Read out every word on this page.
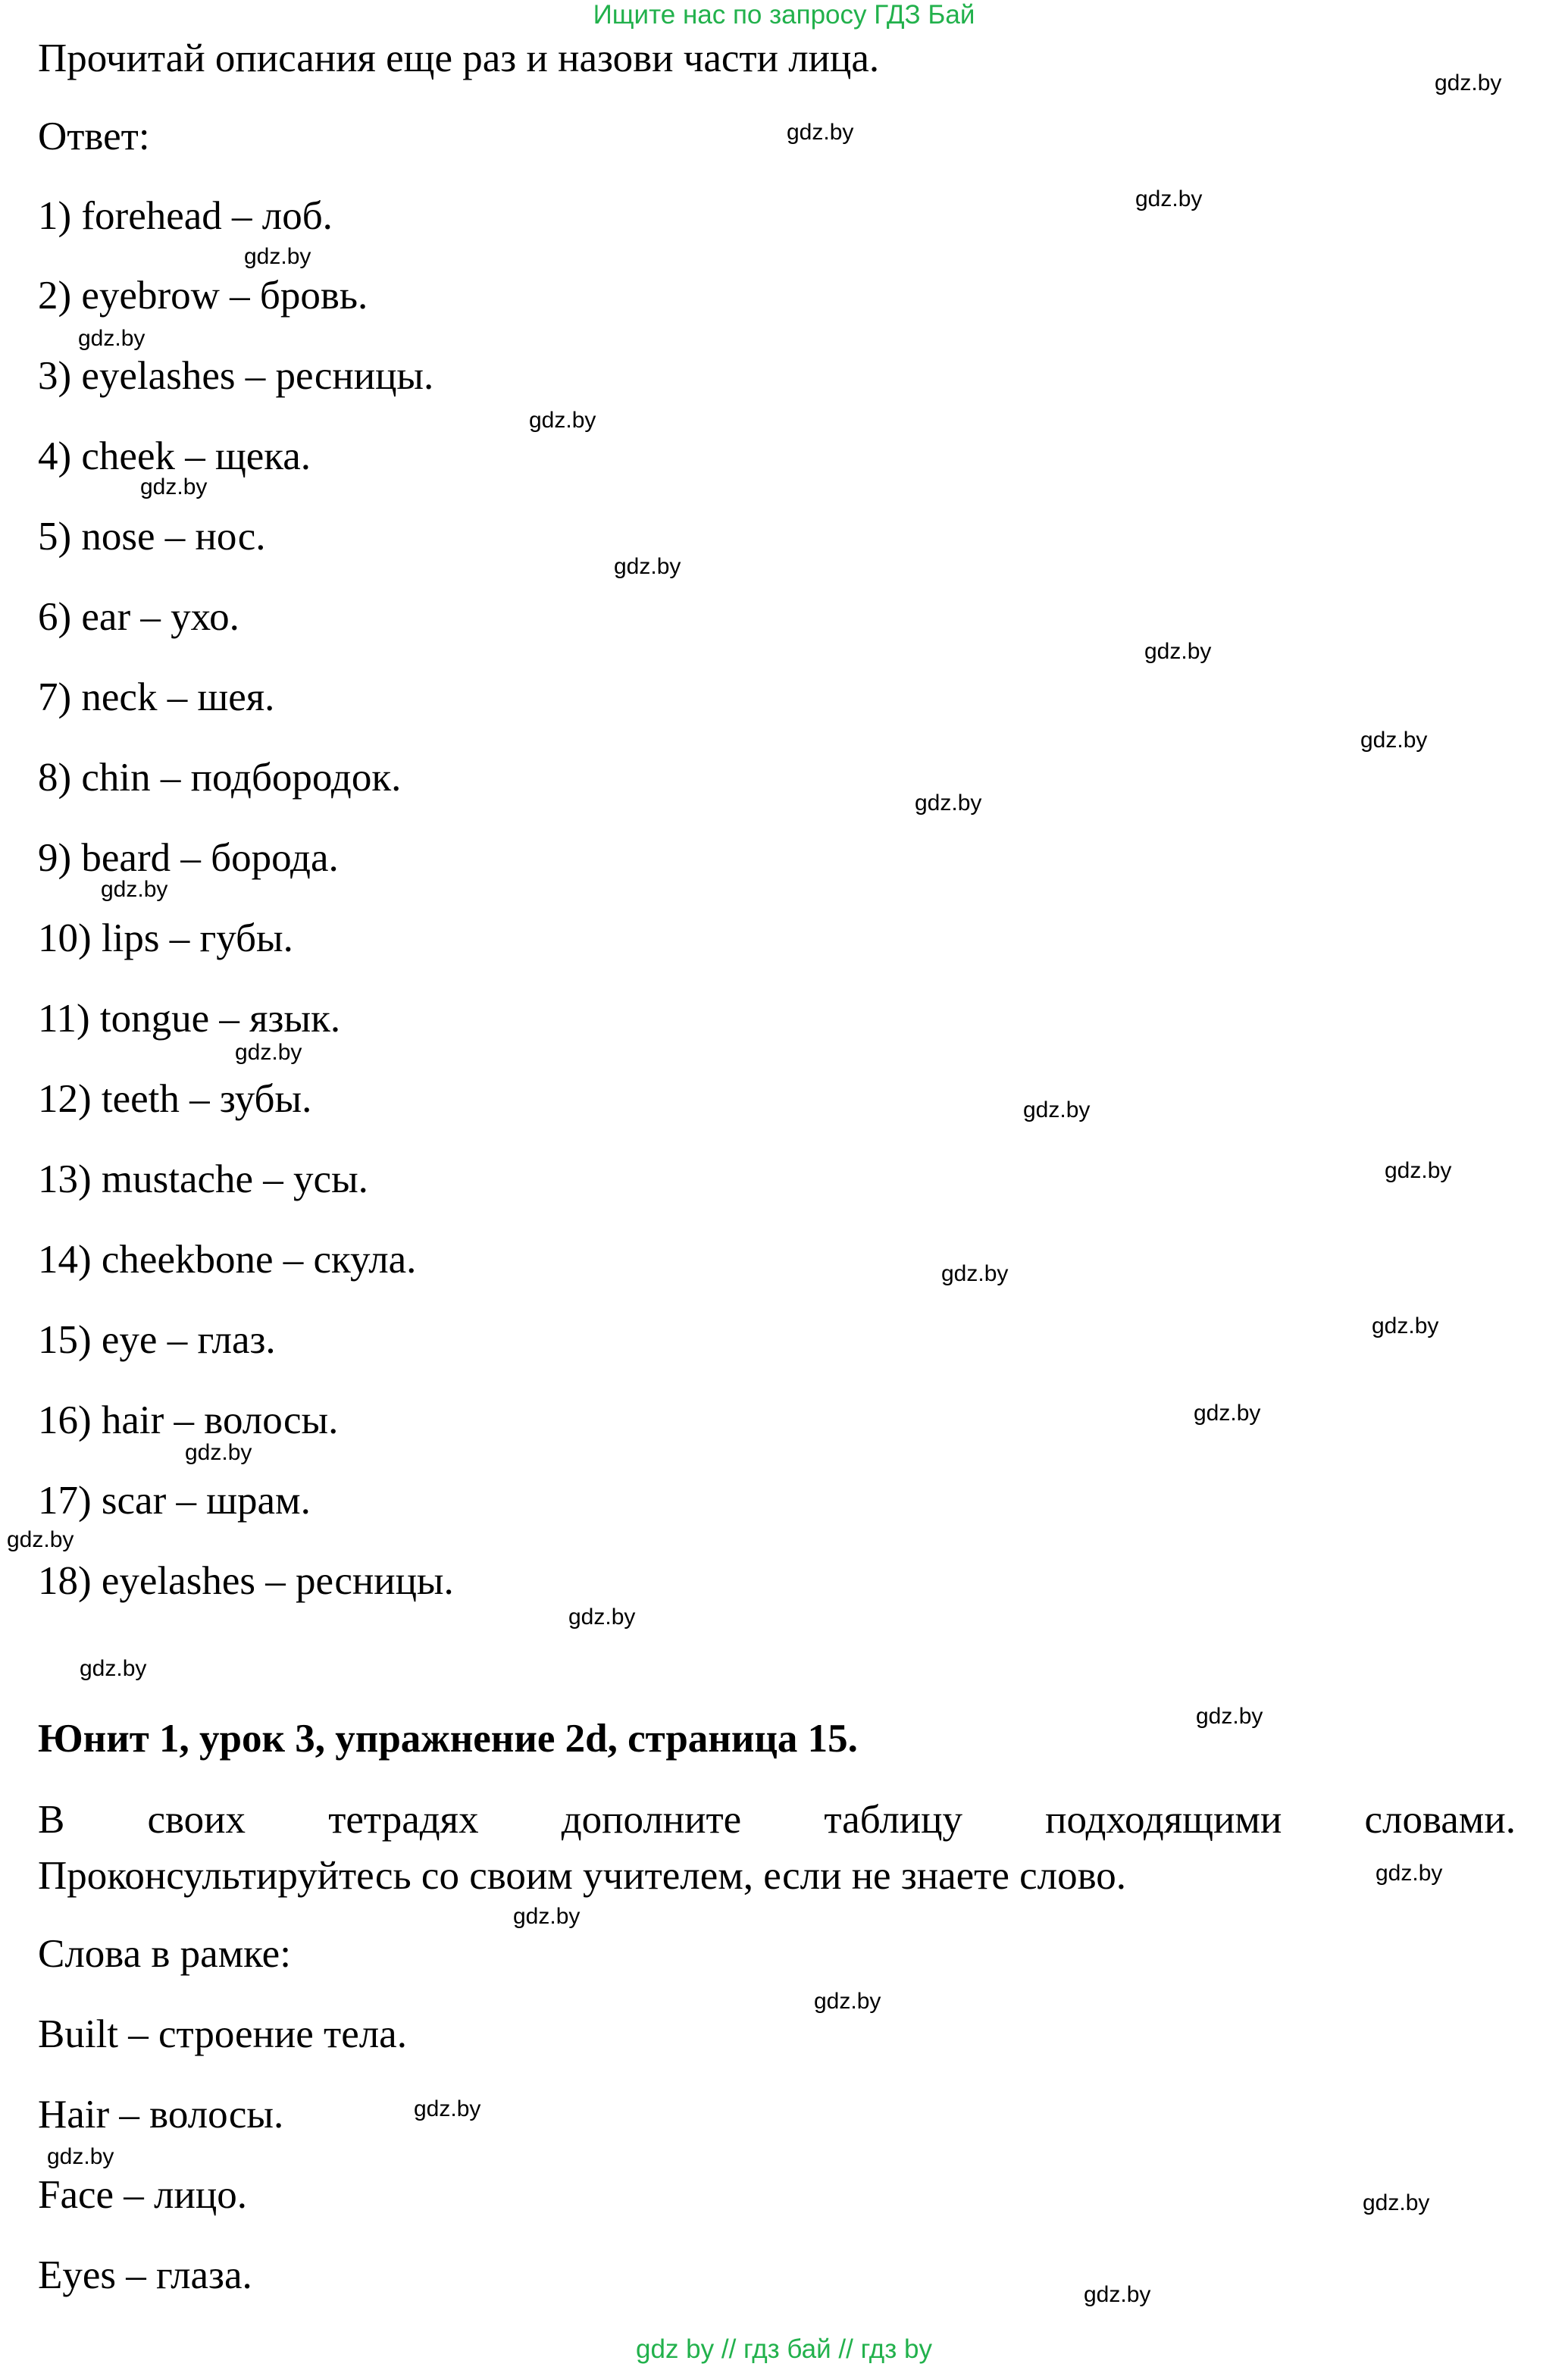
Ищите нас по запросу ГДЗ Бай
Прочитай описания еще раз и назови части лица.
Ответ:
1) forehead – лоб.
2) eyebrow – бровь.
3) eyelashes – ресницы.
4) cheek – щека.
5) nose – нос.
6) ear – ухо.
7) neck – шея.
8) chin – подбородок.
9) beard – борода.
10) lips – губы.
11) tongue – язык.
12) teeth – зубы.
13) mustache – усы.
14) cheekbone – скула.
15) eye – глаз.
16) hair – волосы.
17) scar – шрам.
18) eyelashes – ресницы.
Юнит 1, урок 3, упражнение 2d, страница 15.
В своих тетрадях дополните таблицу подходящими словами.
Проконсультируйтесь со своим учителем, если не знаете слово.
Слова в рамке:
Built – строение тела.
Hair – волосы.
Face – лицо.
Eyes – глаза.
gdz.by
gdz.by
gdz.by
gdz.by
gdz.by
gdz.by
gdz.by
gdz.by
gdz.by
gdz.by
gdz.by
gdz.by
gdz.by
gdz.by
gdz.by
gdz.by
gdz.by
gdz.by
gdz.by
gdz.by
gdz.by
gdz.by
gdz.by
gdz.by
gdz.by
gdz.by
gdz.by
gdz.by
gdz.by
gdz.by
gdz by // гдз бай // гдз by
